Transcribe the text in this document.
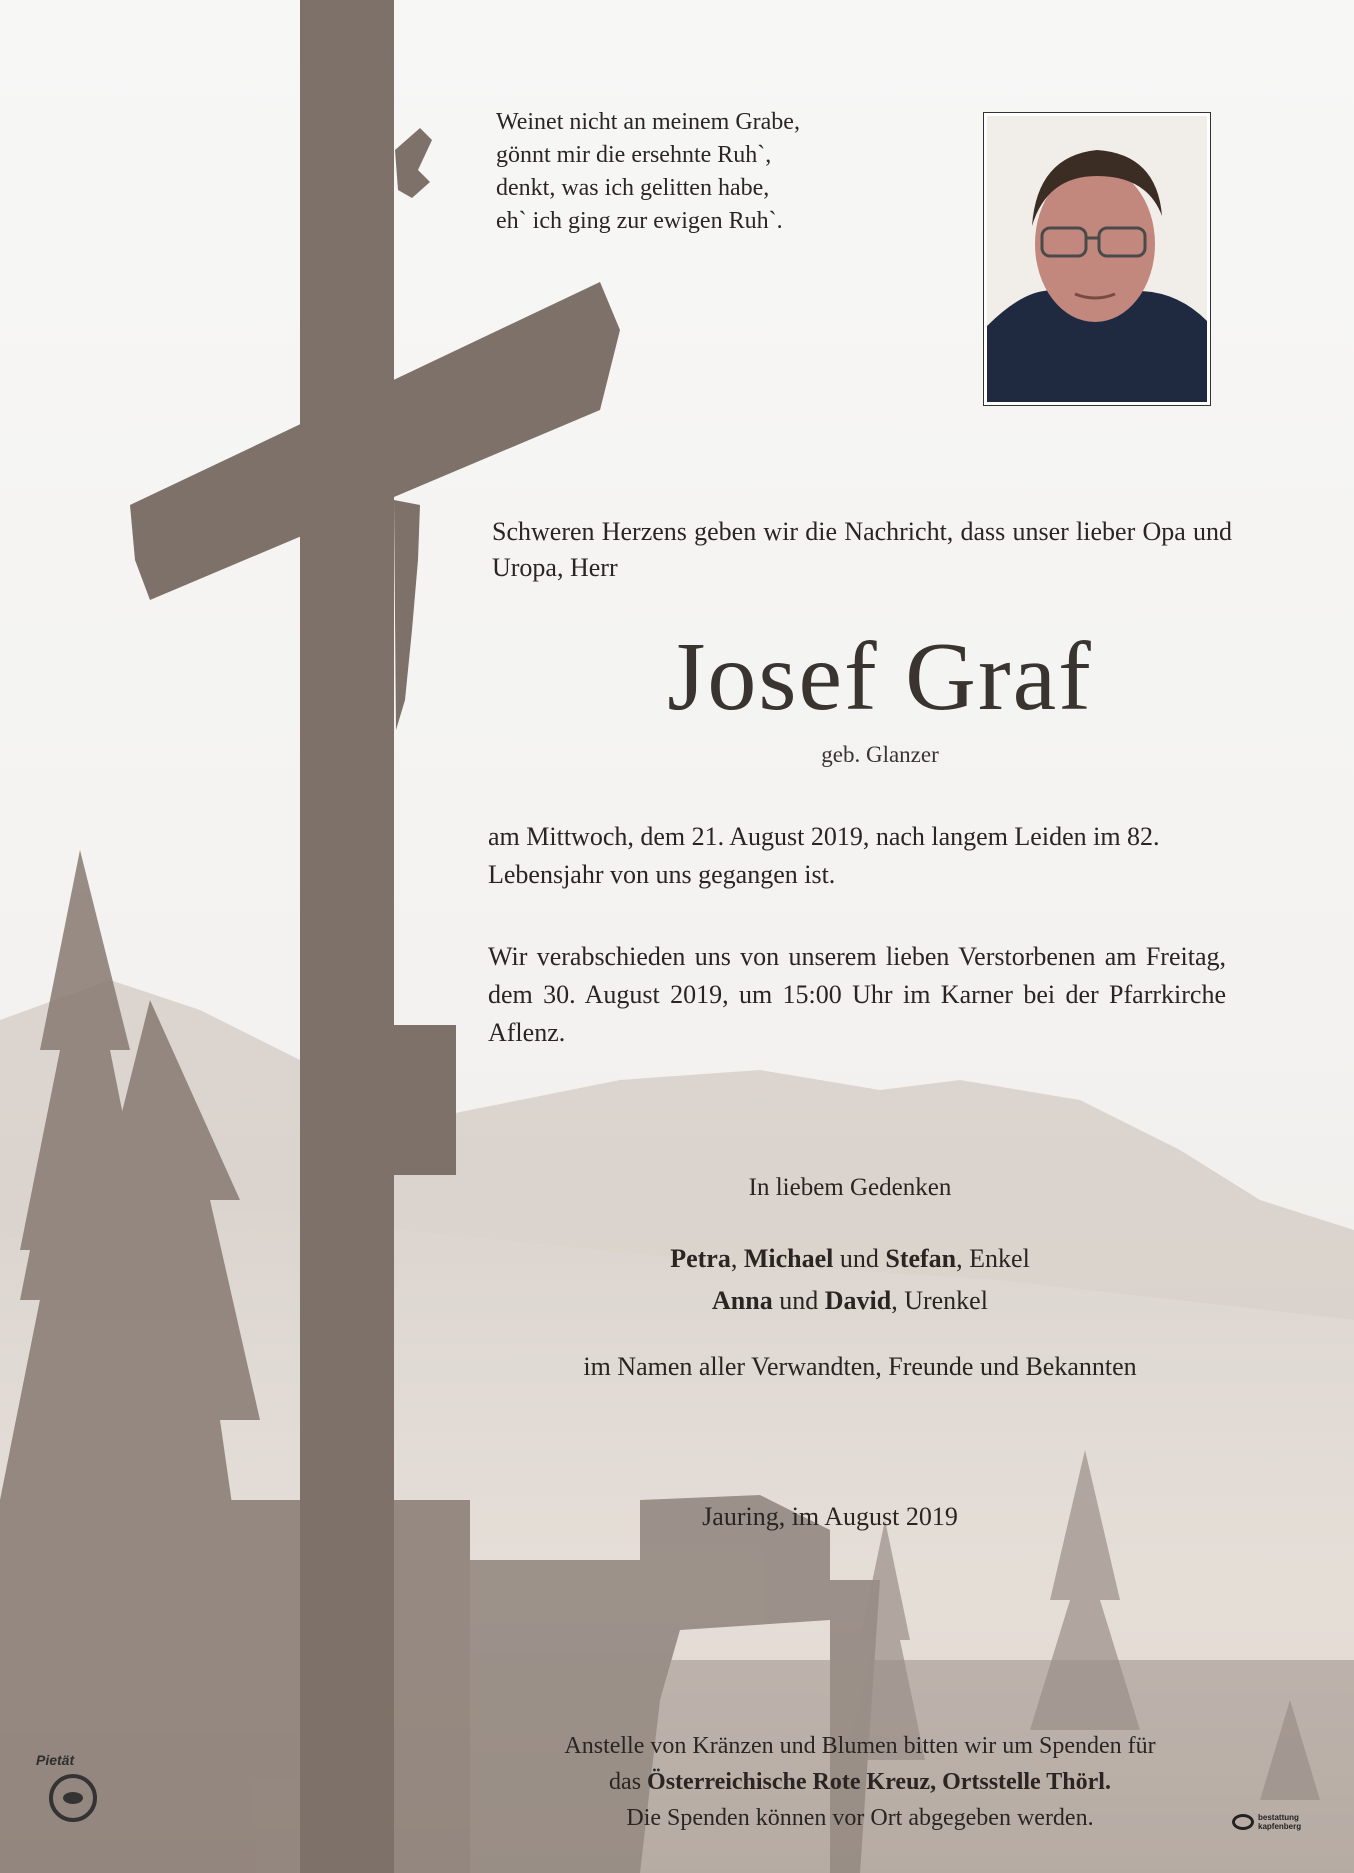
Weinet nicht an meinem Grabe,
gönnt mir die ersehnte Ruh`,
denkt, was ich gelitten habe,
eh` ich ging zur ewigen Ruh`.
Schweren Herzens geben wir die Nachricht, dass unser lieber Opa und Uropa, Herr
Josef Graf
geb. Glanzer
am Mittwoch, dem 21. August 2019, nach langem Leiden im 82. Lebensjahr von uns gegangen ist.
Wir verabschieden uns von unserem lieben Verstorbenen am Freitag, dem 30. August 2019, um 15:00 Uhr im Karner bei der Pfarrkirche Aflenz.
In liebem Gedenken
Petra, Michael und Stefan, Enkel
Anna und David, Urenkel
im Namen aller Verwandten, Freunde und Bekannten
Jauring, im August 2019
Anstelle von Kränzen und Blumen bitten wir um Spenden für
das Österreichische Rote Kreuz, Ortsstelle Thörl.
Die Spenden können vor Ort abgegeben werden.
Pietät
bestattung
kapfenberg
